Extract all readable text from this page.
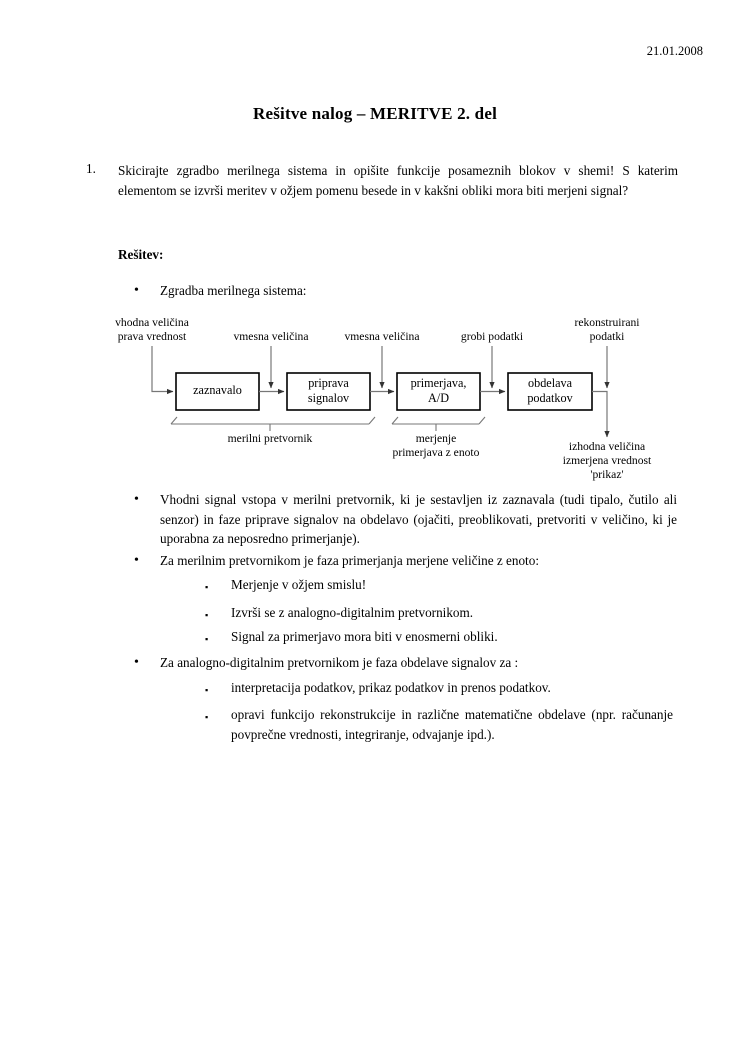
21.01.2008
Rešitve nalog – MERITVE 2. del
1. Skicirajte zgradbo merilnega sistema in opišite funkcije posameznih blokov v shemi! S katerim elementom se izvrši meritev v ožjem pomenu besede in v kakšni obliki mora biti merjeni signal?
Rešitev:
• Zgradba merilnega sistema:
zaznavalo	priprava
signalov
primerjava,
A/D
obdelava
podatkov
vhodna veličina
prava vrednost	vmesna veličina	vmesna veličina	grobi podatki
rekonstruirani
podatki
merilni pretvornik	merjenje
primerjava z enoto	izhodna veličina
izmerjena vrednost
'prikaz'
• Vhodni signal vstopa v merilni pretvornik, ki je sestavljen iz zaznavala (tudi tipalo, čutilo ali senzor) in faze priprave signalov na obdelavo (ojačiti, preoblikovati, pretvoriti v veličino, ki je uporabna za neposredno primerjanje).
• Za merilnim pretvornikom je faza primerjanja merjene veličine z enoto:
▪ Merjenje v ožjem smislu!
▪ Izvrši se z analogno-digitalnim pretvornikom.
▪ Signal za primerjavo mora biti v enosmerni obliki.
• Za analogno-digitalnim pretvornikom je faza obdelave signalov za :
▪ interpretacija podatkov, prikaz podatkov in prenos podatkov.
▪ opravi funkcijo rekonstrukcije in različne matematične obdelave (npr. računanje povprečne vrednosti, integriranje, odvajanje ipd.).
